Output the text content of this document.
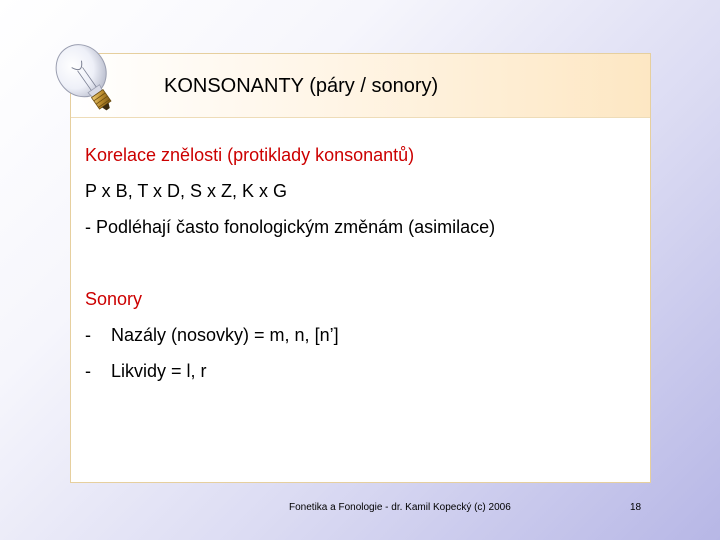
KONSONANTY (páry / sonory)
Korelace znělosti (protiklady konsonantů)
P x B, T x D, S x Z, K x G
- Podléhají často fonologickým změnám (asimilace)
Sonory
- Nazály (nosovky) = m, n, [n’]
- Likvidy = l, r
Fonetika a Fonologie - dr. Kamil Kopecký (c) 2006	18
